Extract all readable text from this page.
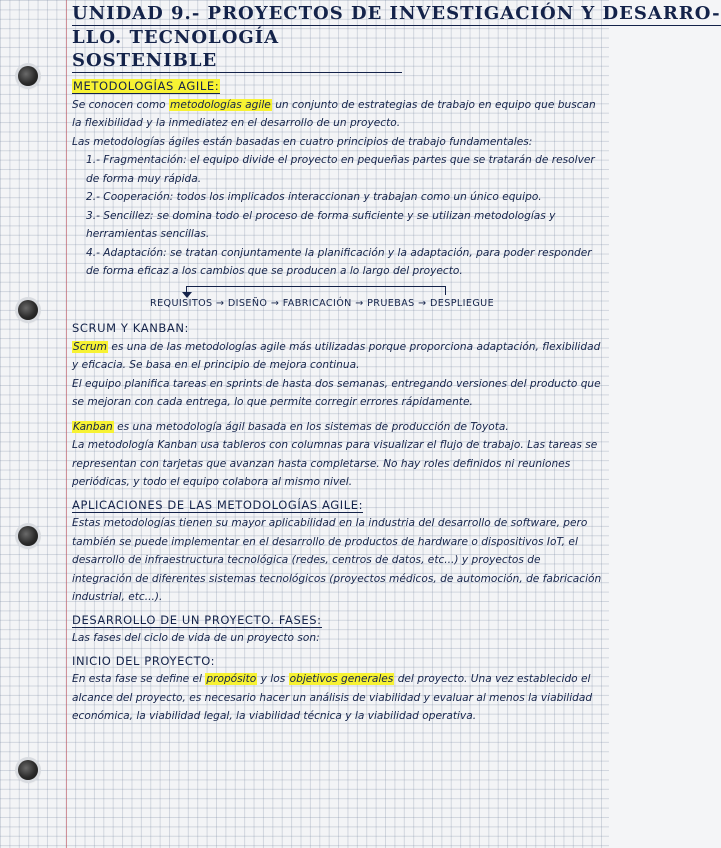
UNIDAD 9.- PROYECTOS DE INVESTIGACIÓN Y DESARRO-
LLO. TECNOLOGÍA SOSTENIBLE
METODOLOGÍAS AGILE:

Se conocen como metodologías agile un conjunto de estrategias de trabajo en equipo que buscan la flexibilidad y la inmediatez en el desarrollo de un proyecto.

Las metodologías ágiles están basadas en cuatro principios de trabajo fundamentales:

1.- Fragmentación: el equipo divide el proyecto en pequeñas partes que se tratarán de resolver de forma muy rápida.

2.- Cooperación: todos los implicados interaccionan y trabajan como un único equipo.

3.- Sencillez: se domina todo el proceso de forma suficiente y se utilizan metodologías y herramientas sencillas.

4.- Adaptación: se tratan conjuntamente la planificación y la adaptación, para poder responder de forma eficaz a los cambios que se producen a lo largo del proyecto.

REQUISITOS → DISEÑO → FABRICACIÓN → PRUEBAS → DESPLIEGUE
SCRUM Y KANBAN:

Scrum es una de las metodologías agile más utilizadas porque proporciona adaptación, flexibilidad y eficacia. Se basa en el principio de mejora continua.

El equipo planifica tareas en sprints de hasta dos semanas, entregando versiones del producto que se mejoran con cada entrega, lo que permite corregir errores rápidamente.

Kanban es una metodología ágil basada en los sistemas de producción de Toyota.

La metodología Kanban usa tableros con columnas para visualizar el flujo de trabajo. Las tareas se representan con tarjetas que avanzan hasta completarse. No hay roles definidos ni reuniones periódicas, y todo el equipo colabora al mismo nivel.

APLICACIONES DE LAS METODOLOGÍAS AGILE:

Estas metodologías tienen su mayor aplicabilidad en la industria del desarrollo de software, pero también se puede implementar en el desarrollo de productos de hardware o dispositivos IoT, el desarrollo de infraestructura tecnológica (redes, centros de datos, etc...) y proyectos de integración de diferentes sistemas tecnológicos (proyectos médicos, de automoción, de fabricación industrial, etc...).

DESARROLLO DE UN PROYECTO. FASES:

Las fases del ciclo de vida de un proyecto son:

INICIO DEL PROYECTO:

En esta fase se define el propósito y los objetivos generales del proyecto. Una vez establecido el alcance del proyecto, es necesario hacer un análisis de viabilidad y evaluar al menos la viabilidad económica, la viabilidad legal, la viabilidad técnica y la viabilidad operativa.
